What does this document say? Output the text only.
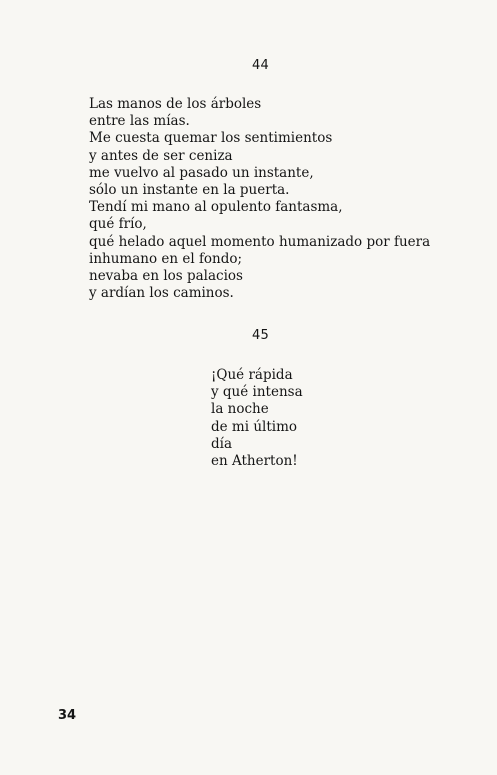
44
Las manos de los árboles
entre las mías.
Me cuesta quemar los sentimientos
y antes de ser ceniza
me vuelvo al pasado un instante,
sólo un instante en la puerta.
Tendí mi mano al opulento fantasma,
qué frío,
qué helado aquel momento humanizado por fuera
inhumano en el fondo;
nevaba en los palacios
y ardían los caminos.
45
¡Qué rápida
y qué intensa
la noche
de mi último
día
en Atherton!
34
